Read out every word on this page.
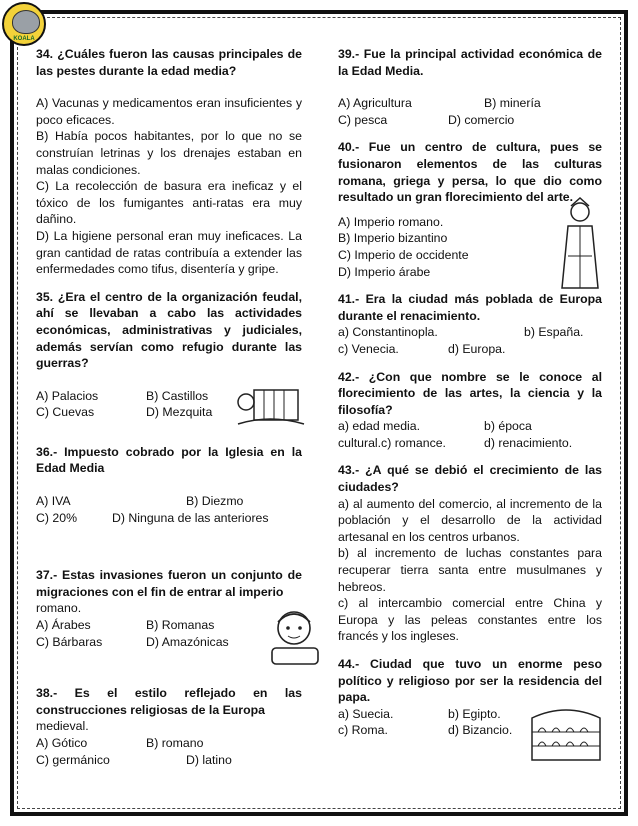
KOALA
34. ¿Cuáles fueron las causas principales de las pestes durante la edad media?
A) Vacunas y medicamentos eran insuficientes y poco eficaces.
B) Había pocos habitantes, por lo que no se construían letrinas y los drenajes estaban en malas condiciones.
C) La recolección de basura era ineficaz y el tóxico de los fumigantes anti-ratas era muy dañino.
D) La higiene personal eran muy ineficaces. La gran cantidad de ratas contribuía a extender las enfermedades como tifus, disentería y gripe.
35. ¿Era el centro de la organización feudal, ahí se llevaban a cabo las actividades económicas, administrativas y judiciales, además servían como refugio durante las guerras?
A) Palacios	B) Castillos
C) Cuevas	D) Mezquita
36.- Impuesto cobrado por la Iglesia en la Edad Media
A) IVA	B) Diezmo
C) 20%	D) Ninguna de las anteriores
37.- Estas invasiones fueron un conjunto de migraciones con el fin de entrar al imperio
romano.
A) Árabes	B) Romanas
C) Bárbaras	D) Amazónicas
38.- Es el estilo reflejado en las construcciones religiosas de la Europa
medieval.
A) Gótico	B) romano
C) germánico	D) latino
39.- Fue la principal actividad económica de la Edad Media.
A) Agricultura	B) minería
C) pesca	D) comercio
40.- Fue un centro de cultura, pues se fusionaron elementos de las culturas romana, griega y persa, lo que dio como resultado un gran florecimiento del arte.
A) Imperio romano.
B) Imperio bizantino
C) Imperio de occidente
D) Imperio árabe
41.- Era la ciudad más poblada de Europa durante el renacimiento.
a) Constantinopla.	b) España.
c) Venecia.	d) Europa.
42.- ¿Con que nombre se le conoce al florecimiento de las artes, la ciencia y la filosofía?
a) edad media.	b) época
cultural.c) romance.	d) renacimiento.
43.- ¿A qué se debió el crecimiento de las ciudades?
a) al aumento del comercio, al incremento de la población y el desarrollo de la actividad artesanal en los centros urbanos.
b) al incremento de luchas constantes para recuperar tierra santa entre musulmanes y hebreos.
c) al intercambio comercial entre China y Europa y las peleas constantes entre los francés y los ingleses.
44.- Ciudad que tuvo un enorme peso político y religioso por ser la residencia del papa.
a) Suecia.	b) Egipto.
c) Roma.	d) Bizancio.
